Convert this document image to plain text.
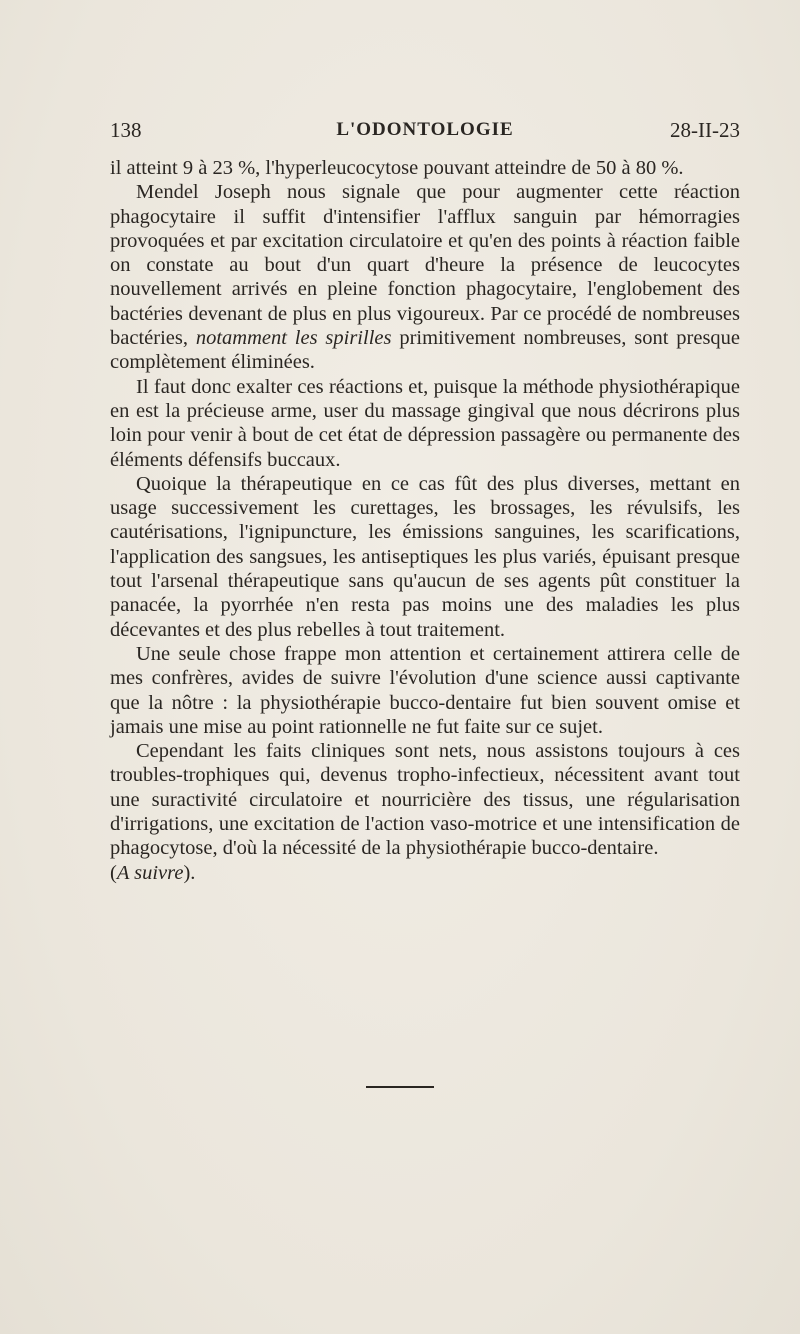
138	L'ODONTOLOGIE	28-II-23

il atteint 9 à 23 %, l'hyperleucocytose pouvant atteindre de 50 à 80 %.

Mendel Joseph nous signale que pour augmenter cette réaction phagocytaire il suffit d'intensifier l'afflux sanguin par hémorragies provoquées et par excitation circulatoire et qu'en des points à réaction faible on constate au bout d'un quart d'heure la présence de leucocytes nouvellement arrivés en pleine fonction phagocytaire, l'englobement des bactéries devenant de plus en plus vigoureux. Par ce procédé de nombreuses bactéries, notamment les spirilles primitivement nombreuses, sont presque complètement éliminées.

Il faut donc exalter ces réactions et, puisque la méthode physiothérapique en est la précieuse arme, user du massage gingival que nous décrirons plus loin pour venir à bout de cet état de dépression passagère ou permanente des éléments défensifs buccaux.

Quoique la thérapeutique en ce cas fût des plus diverses, mettant en usage successivement les curettages, les brossages, les révulsifs, les cautérisations, l'ignipuncture, les émissions sanguines, les scarifications, l'application des sangsues, les antiseptiques les plus variés, épuisant presque tout l'arsenal thérapeutique sans qu'aucun de ses agents pût constituer la panacée, la pyorrhée n'en resta pas moins une des maladies les plus décevantes et des plus rebelles à tout traitement.

Une seule chose frappe mon attention et certainement attirera celle de mes confrères, avides de suivre l'évolution d'une science aussi captivante que la nôtre : la physiothérapie bucco-dentaire fut bien souvent omise et jamais une mise au point rationnelle ne fut faite sur ce sujet.

Cependant les faits cliniques sont nets, nous assistons toujours à ces troubles-trophiques qui, devenus tropho-infectieux, nécessitent avant tout une suractivité circulatoire et nourricière des tissus, une régularisation d'irrigations, une excitation de l'action vaso-motrice et une intensification de phagocytose, d'où la nécessité de la physiothérapie bucco-dentaire.

(A suivre).
